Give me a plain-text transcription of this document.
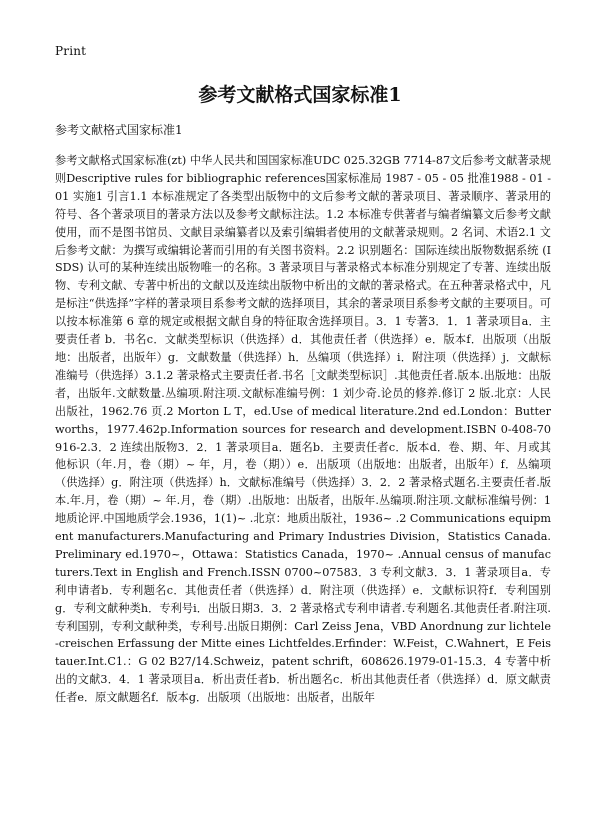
Print
参考文献格式国家标准1
参考文献格式国家标准1
参考文献格式国家标准(zt) 中华人民共和国国家标准UDC 025.32GB 7714-87文后参考文献著录规则Descriptive rules for bibliographic references国家标准局 1987 - 05 - 05 批准1988 - 01 - 01 实施1 引言1.1 本标准规定了各类型出版物中的文后参考文献的著录项目、著录顺序、著录用的符号、各个著录项目的著录方法以及参考文献标注法。1.2 本标准专供著者与编者编纂文后参考文献使用，而不是图书馆员、文献目录编纂者以及索引编辑者使用的文献著录规则。2 名词、术语2.1 文后参考文献：为撰写或编辑论著而引用的有关图书资料。2.2 识别题名：国际连续出版物数据系统 (ISDS) 认可的某种连续出版物唯一的名称。3 著录项目与著录格式本标准分别规定了专著、连续出版物、专利文献、专著中析出的文献以及连续出版物中析出的文献的著录格式。在五种著录格式中，凡是标注“供选择”字样的著录项目系参考文献的选择项目，其余的著录项目系参考文献的主要项目。可以按本标准第 6 章的规定或根据文献自身的特征取舍选择项目。3．1 专著3．1．1 著录项目a．主要责任者 b．书名c．文献类型标识（供选择）d．其他责任者（供选择）e．版本f．出版项（出版地：出版者，出版年）g．文献数量（供选择）h．丛编项（供选择）i．附注项（供选择）j．文献标准编号（供选择）3.1.2 著录格式主要责任者.书名［文献类型标识］.其他责任者.版本.出版地：出版者，出版年.文献数量.丛编项.附注项.文献标准编号例：1 刘少奇.论员的修养.修订 2 版.北京：人民出版社，1962.76 页.2 Morton L T，ed.Use of medical literature.2nd ed.London：Butterworths，1977.462p.Information sources for research and development.ISBN 0-408-70916-2.3．2 连续出版物3．2．1 著录项目a．题名b．主要责任者c．版本d．卷、期、年、月或其他标识（年.月，卷（期）~ 年，月，卷（期））e．出版项（出版地：出版者，出版年）f．丛编项（供选择）g．附注项（供选择）h．文献标准编号（供选择）3．2．2 著录格式题名.主要责任者.版本.年.月，卷（期）~ 年.月，卷（期）.出版地：出版者，出版年.丛编项.附注项.文献标准编号例：1 地质论评.中国地质学会.1936，1(1)~ .北京：地质出版社，1936~ .2 Communications equipment manufacturers.Manufacturing and Primary Industries Division，Statistics Canada.Preliminary ed.1970~，Ottawa：Statistics Canada，1970~ .Annual census of manufacturers.Text in English and French.ISSN 0700~07583．3 专利文献3．3．1 著录项目a．专利申请者b．专利题名c．其他责任者（供选择）d．附注项（供选择）e．文献标识符f．专利国别g．专利文献种类h．专利号i．出版日期3．3．2 著录格式专利申请者.专利题名.其他责任者.附注项.专利国别，专利文献种类，专利号.出版日期例：Carl Zeiss Jena，VBD Anordnung zur lichtele-creischen Erfassung der Mitte eines Lichtfeldes.Erfinder：W.Feist，C.Wahnert，E Feistauer.Int.C1.：G 02 B27/14.Schweiz，patent schrift，608626.1979-01-15.3．4 专著中析出的文献3．4．1 著录项目a．析出责任者b．析出题名c．析出其他责任者（供选择）d．原文献责任者e．原文献题名f．版本g．出版项（出版地：出版者，出版年
